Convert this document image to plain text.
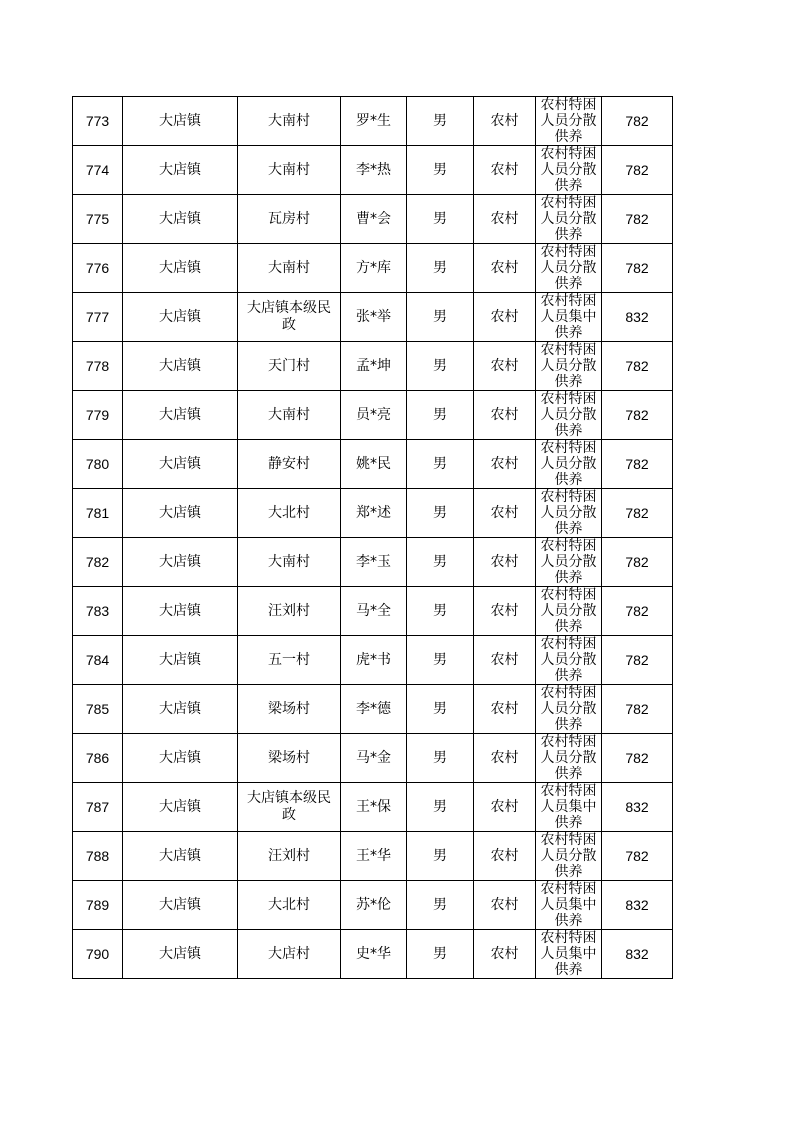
773	大店镇	大南村	罗*生	男	农村	农村特困人员分散供养	782
774	大店镇	大南村	李*热	男	农村	农村特困人员分散供养	782
775	大店镇	瓦房村	曹*会	男	农村	农村特困人员分散供养	782
776	大店镇	大南村	方*库	男	农村	农村特困人员分散供养	782
777	大店镇	大店镇本级民政	张*举	男	农村	农村特困人员集中供养	832
778	大店镇	天门村	孟*坤	男	农村	农村特困人员分散供养	782
779	大店镇	大南村	员*亮	男	农村	农村特困人员分散供养	782
780	大店镇	静安村	姚*民	男	农村	农村特困人员分散供养	782
781	大店镇	大北村	郑*述	男	农村	农村特困人员分散供养	782
782	大店镇	大南村	李*玉	男	农村	农村特困人员分散供养	782
783	大店镇	汪刘村	马*全	男	农村	农村特困人员分散供养	782
784	大店镇	五一村	虎*书	男	农村	农村特困人员分散供养	782
785	大店镇	梁场村	李*德	男	农村	农村特困人员分散供养	782
786	大店镇	梁场村	马*金	男	农村	农村特困人员分散供养	782
787	大店镇	大店镇本级民政	王*保	男	农村	农村特困人员集中供养	832
788	大店镇	汪刘村	王*华	男	农村	农村特困人员分散供养	782
789	大店镇	大北村	苏*伦	男	农村	农村特困人员集中供养	832
790	大店镇	大店村	史*华	男	农村	农村特困人员集中供养	832
